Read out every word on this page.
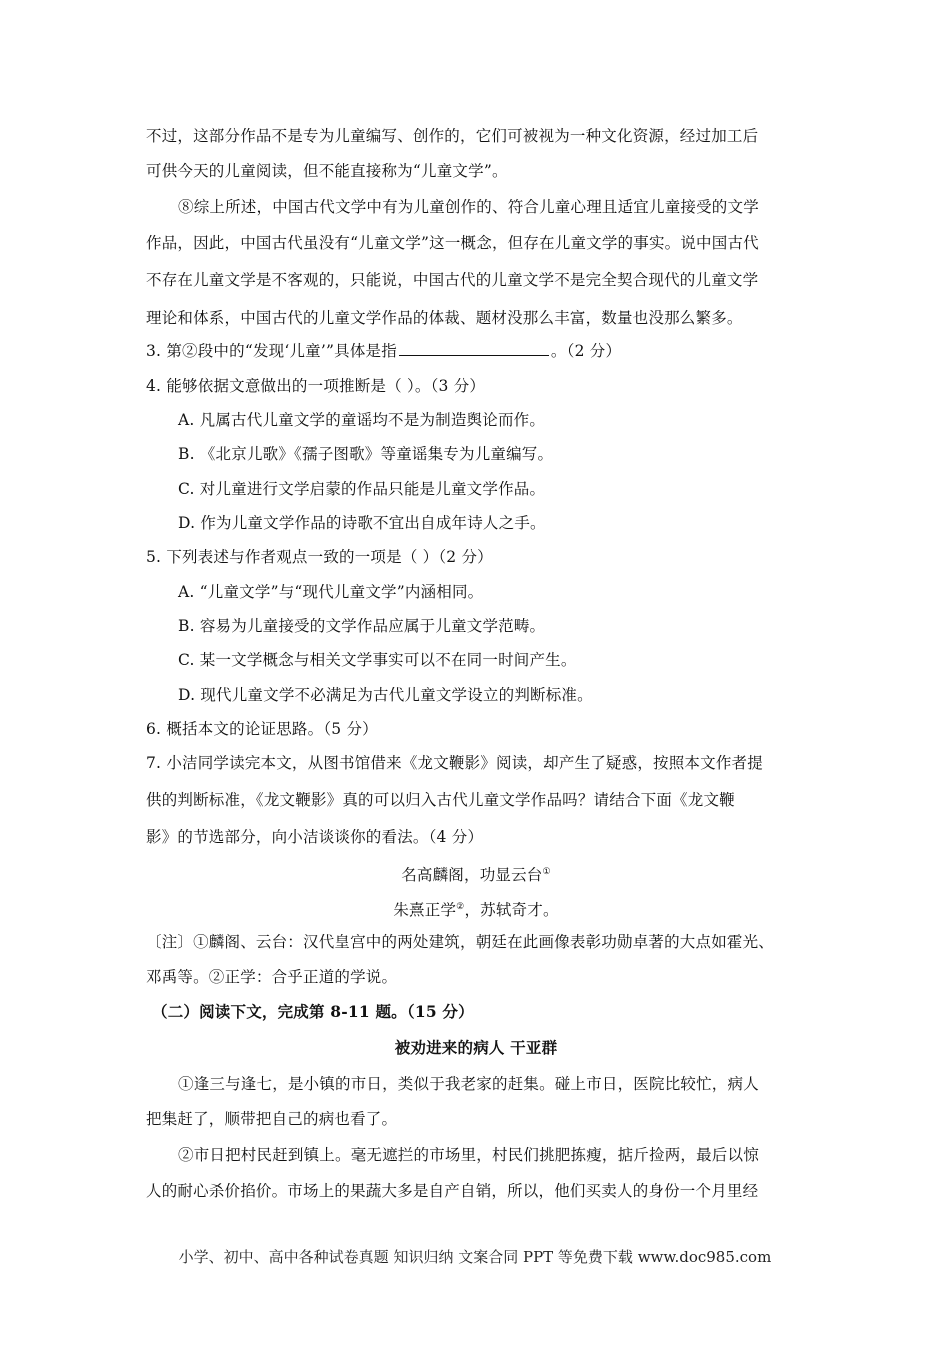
不过，这部分作品不是专为儿童编写、创作的，它们可被视为一种文化资源，经过加工后
可供今天的儿童阅读，但不能直接称为“儿童文学”。
⑧综上所述，中国古代文学中有为儿童创作的、符合儿童心理且适宜儿童接受的文学
作品，因此，中国古代虽没有“儿童文学”这一概念，但存在儿童文学的事实。说中国古代
不存在儿童文学是不客观的，只能说，中国古代的儿童文学不是完全契合现代的儿童文学
理论和体系，中国古代的儿童文学作品的体裁、题材没那么丰富，数量也没那么繁多。
3. 第②段中的“发现‘儿童’”具体是指	。（2 分）
4. 能够依据文意做出的一项推断是（ ）。（3 分）
A. 凡属古代儿童文学的童谣均不是为制造舆论而作。
B. 《北京儿歌》《孺子图歌》等童谣集专为儿童编写。
C. 对儿童进行文学启蒙的作品只能是儿童文学作品。
D. 作为儿童文学作品的诗歌不宜出自成年诗人之手。
5. 下列表述与作者观点一致的一项是（ ）（2 分）
A. “儿童文学”与“现代儿童文学”内涵相同。
B. 容易为儿童接受的文学作品应属于儿童文学范畴。
C. 某一文学概念与相关文学事实可以不在同一时间产生。
D. 现代儿童文学不必满足为古代儿童文学设立的判断标准。
6. 概括本文的论证思路。（5 分）
7. 小洁同学读完本文，从图书馆借来《龙文鞭影》阅读，却产生了疑惑，按照本文作者提
供的判断标准，《龙文鞭影》真的可以归入古代儿童文学作品吗？请结合下面《龙文鞭
影》的节选部分，向小洁谈谈你的看法。（4 分）
名高麟阁，功显云台①
朱熹正学②，苏轼奇才。
〔注〕①麟阁、云台：汉代皇宫中的两处建筑，朝廷在此画像表彰功勋卓著的大点如霍光、
邓禹等。②正学：合乎正道的学说。
（二）阅读下文，完成第 8-11 题。（15 分）
被劝进来的病人 干亚群
①逢三与逢七，是小镇的市日，类似于我老家的赶集。碰上市日，医院比较忙，病人
把集赶了，顺带把自己的病也看了。
②市日把村民赶到镇上。毫无遮拦的市场里，村民们挑肥拣瘦，掂斤捡两，最后以惊
人的耐心杀价掐价。市场上的果蔬大多是自产自销，所以，他们买卖人的身份一个月里经
小学、初中、高中各种试卷真题 知识归纳 文案合同 PPT 等免费下载 www.doc985.com
